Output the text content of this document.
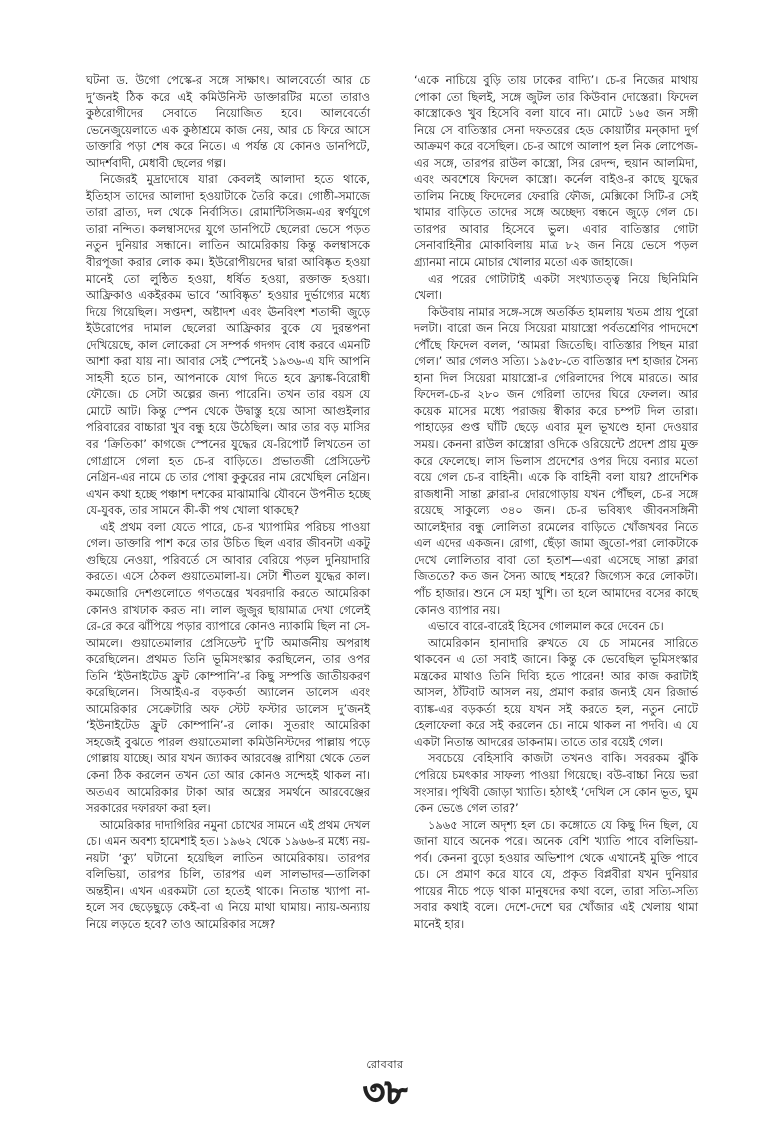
ঘটনা ড. উগো পেস্কে-র সঙ্গে সাক্ষাৎ। আলবের্তো আর চে দু’জনই ঠিক করে এই কমিউনিস্ট ডাক্তারটির মতো তারাও কুষ্ঠরোগীদের সেবাতে নিয়োজিত হবে। আলবের্তো ভেনেজুয়েলাতে এক কুষ্ঠাশ্রমে কাজ নেয়, আর চে ফিরে আসে ডাক্তারি পড়া শেষ করে নিতে। এ পর্যন্ত যে কোনও ডানপিটে, আদর্শবাদী, মেধাবী ছেলের গল্প।

নিজেরই মুদ্রাদোষে যারা কেবলই আলাদা হতে থাকে, ইতিহাস তাদের আলাদা হওয়াটাকে তৈরি করে। গোষ্ঠী-সমাজে তারা ব্রাত্য, দল থেকে নির্বাসিত। রোমান্টিসিজম-এর স্বর্ণযুগে তারা নন্দিত। কলম্বাসদের যুগে ডানপিটে ছেলেরা ভেসে পড়ত নতুন দুনিয়ার সন্ধানে। লাতিন আমেরিকায় কিন্তু কলম্বাসকে বীরপূজা করার লোক কম। ইউরোপীয়দের দ্বারা আবিষ্কৃত হওয়া মানেই তো লুন্ঠিত হওয়া, ধর্ষিত হওয়া, রক্তাক্ত হওয়া। আফ্রিকাও একইরকম ভাবে ‘আবিষ্কৃত’ হওয়ার দুর্ভাগ্যের মধ্যে দিয়ে গিয়েছিল। সপ্তদশ, অষ্টাদশ এবং ঊনবিংশ শতাব্দী জুড়ে ইউরোপের দামাল ছেলেরা আফ্রিকার বুকে যে দুরন্তপনা দেখিয়েছে, কাল লোকেরা সে সম্পর্ক গদগদ বোধ করবে এমনটি আশা করা যায় না। আবার সেই স্পেনেই ১৯৩৬-এ যদি আপনি সাহসী হতে চান, আপনাকে যোগ দিতে হবে ফ্র্যাঙ্ক-বিরোধী ফৌজে। চে সেটা অল্পের জন্য পারেনি। তখন তার বয়স যে মোটে আট। কিন্তু স্পেন থেকে উদ্বাস্তু হয়ে আসা আগুইলার পরিবারের বাচ্চারা খুব বন্ধু হয়ে উঠেছিল। আর তার বড় মাসির বর ‘ক্রিতিকা’ কাগজে স্পেনের যুদ্ধের যে-রিপোর্ট লিখতেন তা গোগ্রাসে গেলা হত চে-র বাড়িতে। প্রভাতজী প্রেসিডেন্ট নেগ্রিন-এর নামে চে তার পোষা কুকুরের নাম রেখেছিল নেগ্রিন। এখন কথা হচ্ছে পঞ্চাশ দশকের মাঝামাঝি যৌবনে উপনীত হচ্ছে যে-যুবক, তার সামনে কী-কী পথ খোলা থাকছে?

এই প্রথম বলা যেতে পারে, চে-র খ্যাপামির পরিচয় পাওয়া গেল। ডাক্তারি পাশ করে তার উচিত ছিল এবার জীবনটা একটু গুছিয়ে নেওয়া, পরিবর্তে সে আবার বেরিয়ে পড়ল দুনিয়াদারি করতে। এসে ঠেকল গুয়াতেমালা-য়। সেটা শীতল যুদ্ধের কাল। কমজোরি দেশগুলোতে গণতন্ত্রের খবরদারি করতে আমেরিকা কোনও রাখঢাক করত না। লাল জুজুর ছায়ামাত্র দেখা গেলেই রে-রে করে ঝাঁপিয়ে পড়ার ব্যাপারে কোনও ন্যাকামি ছিল না সে-আমলে। গুয়াতেমালার প্রেসিডেন্ট দু’টি অমার্জনীয় অপরাধ করেছিলেন। প্রথমত তিনি ভূমিসংস্কার করছিলেন, তার ওপর তিনি ‘ইউনাইটেড ফ্রুট কোম্পানি’-র কিছু সম্পত্তি জাতীয়করণ করেছিলেন। সিআইএ-র বড়কর্তা অ্যালেন ডালেস এবং আমেরিকার সেক্রেটারি অফ স্টেট ফস্টার ডালেস দু’জনই ‘ইউনাইটেড ফ্রুট কোম্পানি’-র লোক। সুতরাং আমেরিকা সহজেই বুঝতে পারল গুয়াতেমালা কমিউনিস্টদের পাল্লায় পড়ে গোল্লায় যাচ্ছে। আর যখন জ্যাকব আরবেঞ্জ রাশিয়া থেকে তেল কেনা ঠিক করলেন তখন তো আর কোনও সন্দেহই থাকল না। অতএব আমেরিকার টাকা আর অস্ত্রের সমর্থনে আরবেঞ্জের সরকারের দফারফা করা হল।

আমেরিকার দাদাগিরির নমুনা চোখের সামনে এই প্রথম দেখল চে। এমন অবশ্য হামেশাই হত। ১৯৬২ থেকে ১৯৬৬-র মধ্যে নয়-নয়টা ‘ক্যু’ ঘটানো হয়েছিল লাতিন আমেরিকায়। তারপর বলিভিয়া, তারপর চিলি, তারপর এল সালভাদর—তালিকা অন্তহীন। এখন এরকমটা তো হতেই থাকে। নিতান্ত খ্যাপা না-হলে সব ছেড়েছুড়ে কেই-বা এ নিয়ে মাথা ঘামায়। ন্যায়-অন্যায় নিয়ে লড়তে হবে? তাও আমেরিকার সঙ্গে?

‘একে নাচিয়ে বুড়ি তায় ঢাকের বাদ্যি’। চে-র নিজের মাথায় পোকা তো ছিলই, সঙ্গে জুটল তার কিউবান দোস্তেরা। ফিদেল কাস্ত্রোকেও খুব হিসেবি বলা যাবে না। মোটে ১৬৫ জন সঙ্গী নিয়ে সে বাতিস্তার সেনা দফতরের হেড কোয়ার্টার মন্কাদা দুর্গ আক্রমণ করে বসেছিল। চে-র আগে আলাপ হল নিক লোপেজ-এর সঙ্গে, তারপর রাউল কাস্ত্রো, সির রেদন্দ, হুয়ান আলমিদা, এবং অবশেষে ফিদেল কাস্ত্রো। কর্নেল বাইও-র কাছে যুদ্ধের তালিম নিচ্ছে ফিদেলের ফেরারি ফৌজ, মেক্সিকো সিটি-র সেই খামার বাড়িতে তাদের সঙ্গে অচ্ছেদ্য বন্ধনে জুড়ে গেল চে। তারপর আবার হিসেবে ভুল। এবার বাতিস্তার গোটা সেনাবাহিনীর মোকাবিলায় মাত্র ৮২ জন নিয়ে ভেসে পড়ল গ্র্যানমা নামে মোচার খোলার মতো এক জাহাজে।

এর পরের গোটাটাই একটা সংখ্যাতত্ত্ব নিয়ে ছিনিমিনি খেলা।

কিউবায় নামার সঙ্গে-সঙ্গে অতর্কিত হামলায় খতম প্রায় পুরো দলটা। বারো জন নিয়ে সিয়েরা মায়াস্ত্রো পর্বতশ্রেণির পাদদেশে পৌঁছে ফিদেল বলল, ‘আমরা জিতেছি। বাতিস্তার পিছন মারা গেল।’ আর গেলও সত্যি। ১৯৫৮-তে বাতিস্তার দশ হাজার সৈন্য হানা দিল সিয়েরা মায়াস্ত্রো-র গেরিলাদের পিষে মারতে। আর ফিদেল-চে-র ২৮০ জন গেরিলা তাদের ঘিরে ফেলল। আর কয়েক মাসের মধ্যে পরাজয় স্বীকার করে চম্পট দিল তারা। পাহাড়ের গুপ্ত ঘাঁটি ছেড়ে এবার মূল ভূখণ্ডে হানা দেওয়ার সময়। কেননা রাউল কাস্ত্রোরা ওদিকে ওরিয়েন্টে প্রদেশ প্রায় মুক্ত করে ফেলেছে। লাস ভিলাস প্রদেশের ওপর দিয়ে বন্যার মতো বয়ে গেল চে-র বাহিনী। একে কি বাহিনী বলা যায়? প্রাদেশিক রাজধানী সান্তা ক্লারা-র দোরগোড়ায় যখন পৌঁছল, চে-র সঙ্গে রয়েছে সাকুল্যে ৩৪০ জন। চে-র ভবিষ্যৎ জীবনসঙ্গিনী আলেইদার বন্ধু লোলিতা রমেলের বাড়িতে খোঁজখবর নিতে এল এদের একজন। রোগা, ছেঁড়া জামা জুতো-পরা লোকটাকে দেখে লোলিতার বাবা তো হতাশ—এরা এসেছে সান্তা ক্লারা জিততে? কত জন সৈন্য আছে শহরে? জিগ্যেস করে লোকটা। পাঁচ হাজার। শুনে সে মহা খুশি। তা হলে আমাদের বসের কাছে কোনও ব্যাপার নয়।

এভাবে বারে-বারেই হিসেব গোলমাল করে দেবেন চে।

আমেরিকান হানাদারি রুখতে যে চে সামনের সারিতে থাকবেন এ তো সবাই জানে। কিন্তু কে ভেবেছিল ভূমিসংস্কার মন্ত্রকের মাথাও তিনি দিব্যি হতে পারেন! আর কাজ করাটাই আসল, ঠাঁটবাট আসল নয়, প্রমাণ করার জন্যই যেন রিজার্ভ ব্যাঙ্ক-এর বড়কর্তা হয়ে যখন সই করতে হল, নতুন নোটে হেলাফেলা করে সই করলেন চে। নামে থাকল না পদবি। এ যে একটা নিতান্ত আদরের ডাকনাম। তাতে তার বয়েই গেল।

সবচেয়ে বেহিসাবি কাজটা তখনও বাকি। সবরকম ঝুঁকি পেরিয়ে চমৎকার সাফল্য পাওয়া গিয়েছে। বউ-বাচ্চা নিয়ে ভরা সংসার। পৃথিবী জোড়া খ্যাতি। হঠাৎই ‘দেখিল সে কোন ভূত, ঘুম কেন ভেঙে গেল তার?’

১৯৬৫ সালে অদৃশ্য হল চে। কঙ্গোতে যে কিছু দিন ছিল, যে জানা যাবে অনেক পরে। অনেক বেশি খ্যাতি পাবে বলিভিয়া-পর্ব। কেননা বুড়ো হওয়ার অভিশাপ থেকে এখানেই মুক্তি পাবে চে। সে প্রমাণ করে যাবে যে, প্রকৃত বিপ্লবীরা যখন দুনিয়ার পায়ের নীচে পড়ে থাকা মানুষদের কথা বলে, তারা সত্যি-সত্যি সবার কথাই বলে। দেশে-দেশে ঘর খোঁজার এই খেলায় থামা মানেই হার।

রোববার
৩৮
